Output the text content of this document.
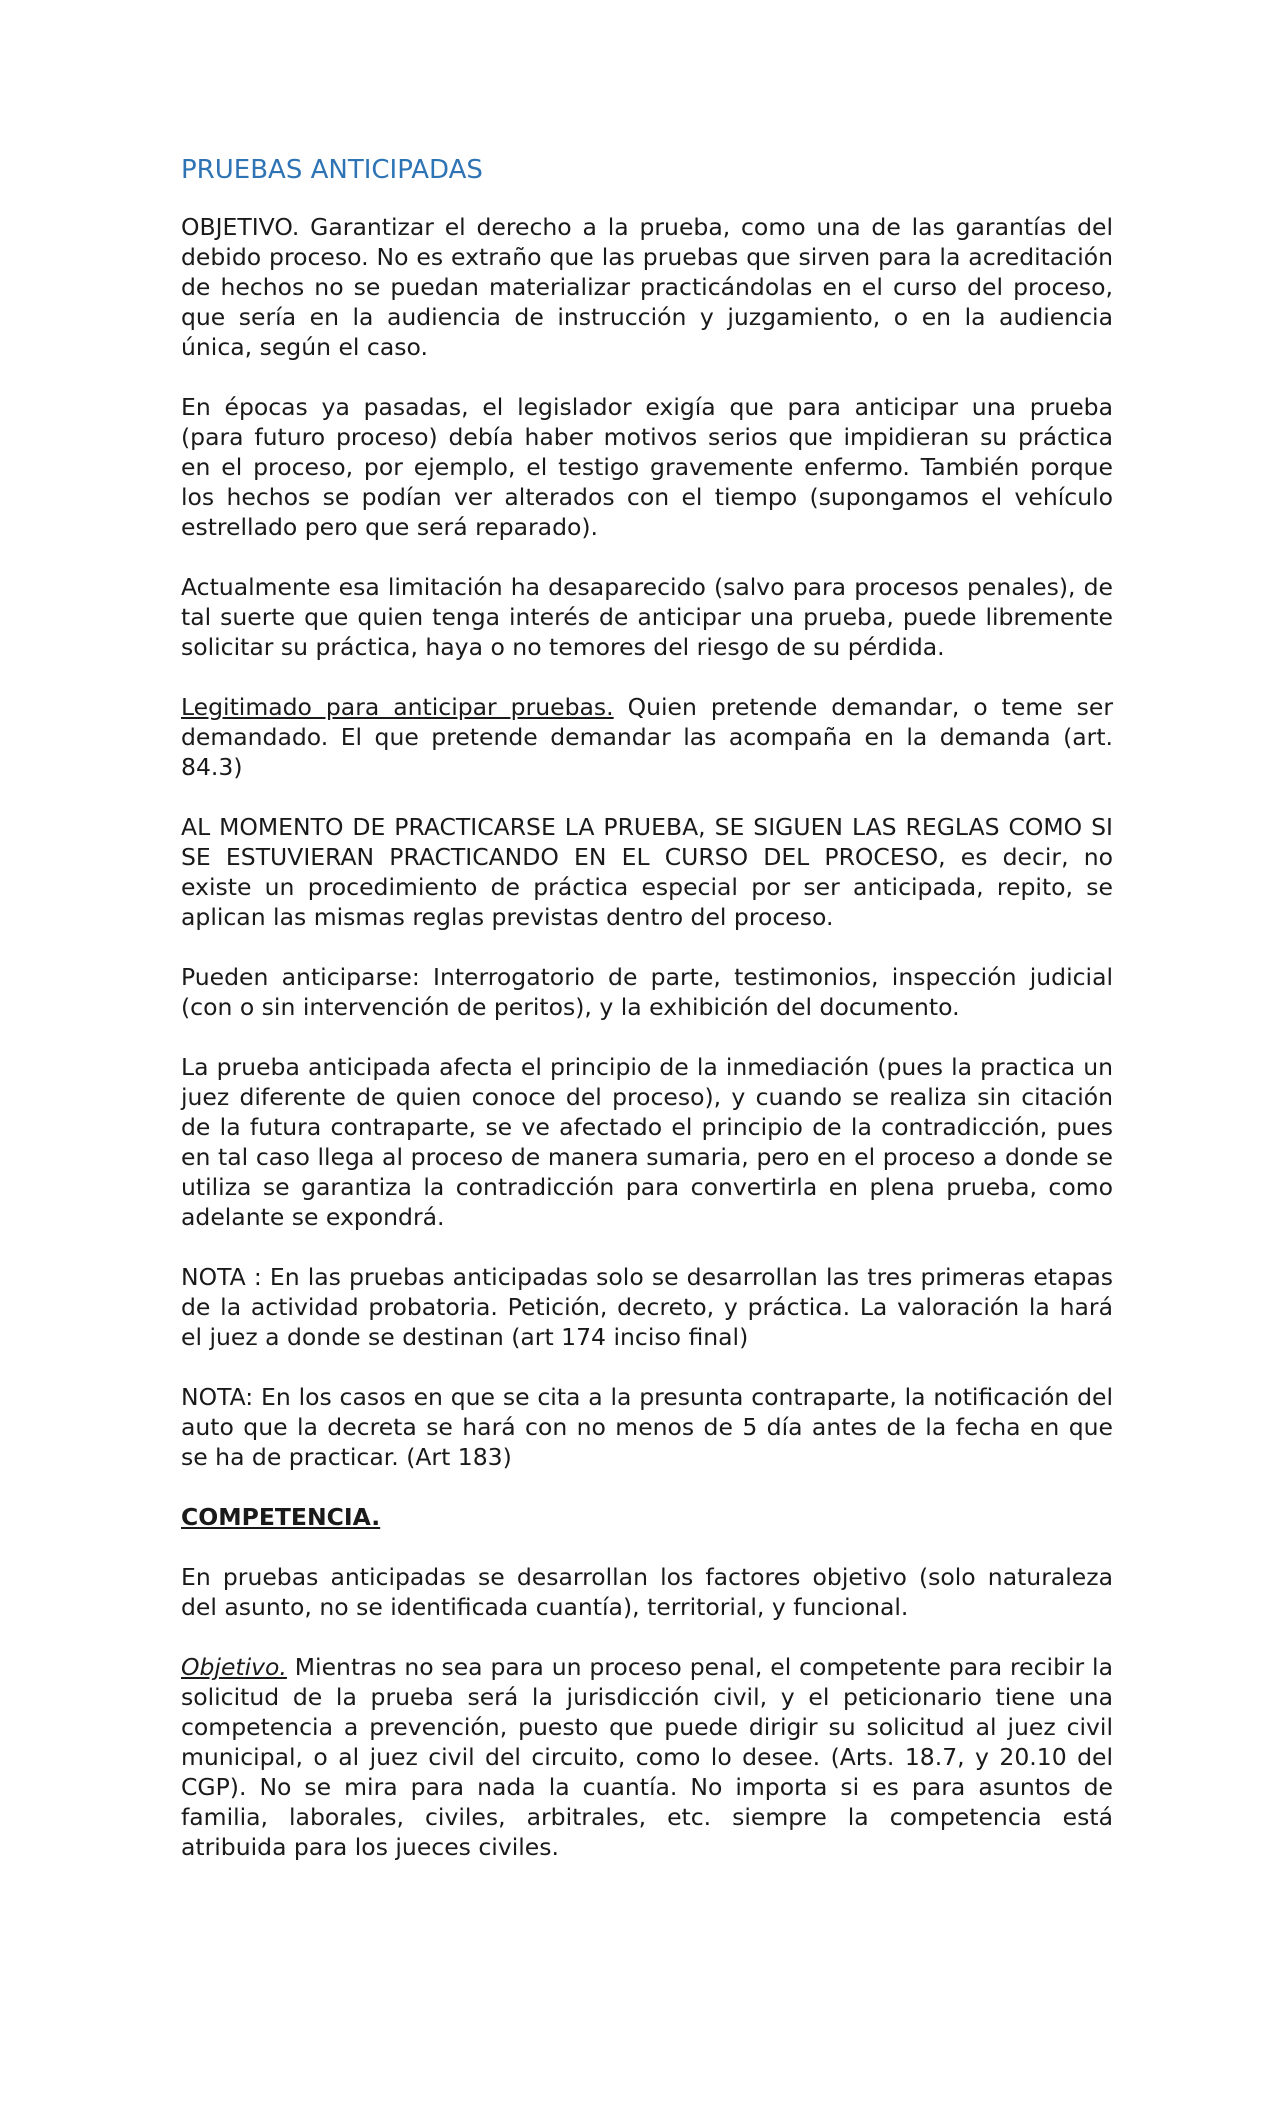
PRUEBAS ANTICIPADAS

OBJETIVO. Garantizar el derecho a la prueba, como una de las garantías del debido proceso. No es extraño que las pruebas que sirven para la acreditación de hechos no se puedan materializar practicándolas en el curso del proceso, que sería en la audiencia de instrucción y juzgamiento, o en la audiencia única, según el caso.

En épocas ya pasadas, el legislador exigía que para anticipar una prueba (para futuro proceso) debía haber motivos serios que impidieran su práctica en el proceso, por ejemplo, el testigo gravemente enfermo. También porque los hechos se podían ver alterados con el tiempo (supongamos el vehículo estrellado pero que será reparado).

Actualmente esa limitación ha desaparecido (salvo para procesos penales), de tal suerte que quien tenga interés de anticipar una prueba, puede libremente solicitar su práctica, haya o no temores del riesgo de su pérdida.

Legitimado para anticipar pruebas. Quien pretende demandar, o teme ser demandado. El que pretende demandar las acompaña en la demanda (art. 84.3)

AL MOMENTO DE PRACTICARSE LA PRUEBA, SE SIGUEN LAS REGLAS COMO SI SE ESTUVIERAN PRACTICANDO EN EL CURSO DEL PROCESO, es decir, no existe un procedimiento de práctica especial por ser anticipada, repito, se aplican las mismas reglas previstas dentro del proceso.

Pueden anticiparse: Interrogatorio de parte, testimonios, inspección judicial (con o sin intervención de peritos), y la exhibición del documento.

La prueba anticipada afecta el principio de la inmediación (pues la practica un juez diferente de quien conoce del proceso), y cuando se realiza sin citación de la futura contraparte, se ve afectado el principio de la contradicción, pues en tal caso llega al proceso de manera sumaria, pero en el proceso a donde se utiliza se garantiza la contradicción para convertirla en plena prueba, como adelante se expondrá.

NOTA : En las pruebas anticipadas solo se desarrollan las tres primeras etapas de la actividad probatoria. Petición, decreto, y práctica. La valoración la hará el juez a donde se destinan (art 174 inciso final)

NOTA: En los casos en que se cita a la presunta contraparte, la notificación del auto que la decreta se hará con no menos de 5 día antes de la fecha en que se ha de practicar. (Art 183)

COMPETENCIA.

En pruebas anticipadas se desarrollan los factores objetivo (solo naturaleza del asunto, no se identificada cuantía), territorial, y funcional.

Objetivo. Mientras no sea para un proceso penal, el competente para recibir la solicitud de la prueba será la jurisdicción civil, y el peticionario tiene una competencia a prevención, puesto que puede dirigir su solicitud al juez civil municipal, o al juez civil del circuito, como lo desee. (Arts. 18.7, y 20.10 del CGP). No se mira para nada la cuantía. No importa si es para asuntos de familia, laborales, civiles, arbitrales, etc. siempre la competencia está atribuida para los jueces civiles.
